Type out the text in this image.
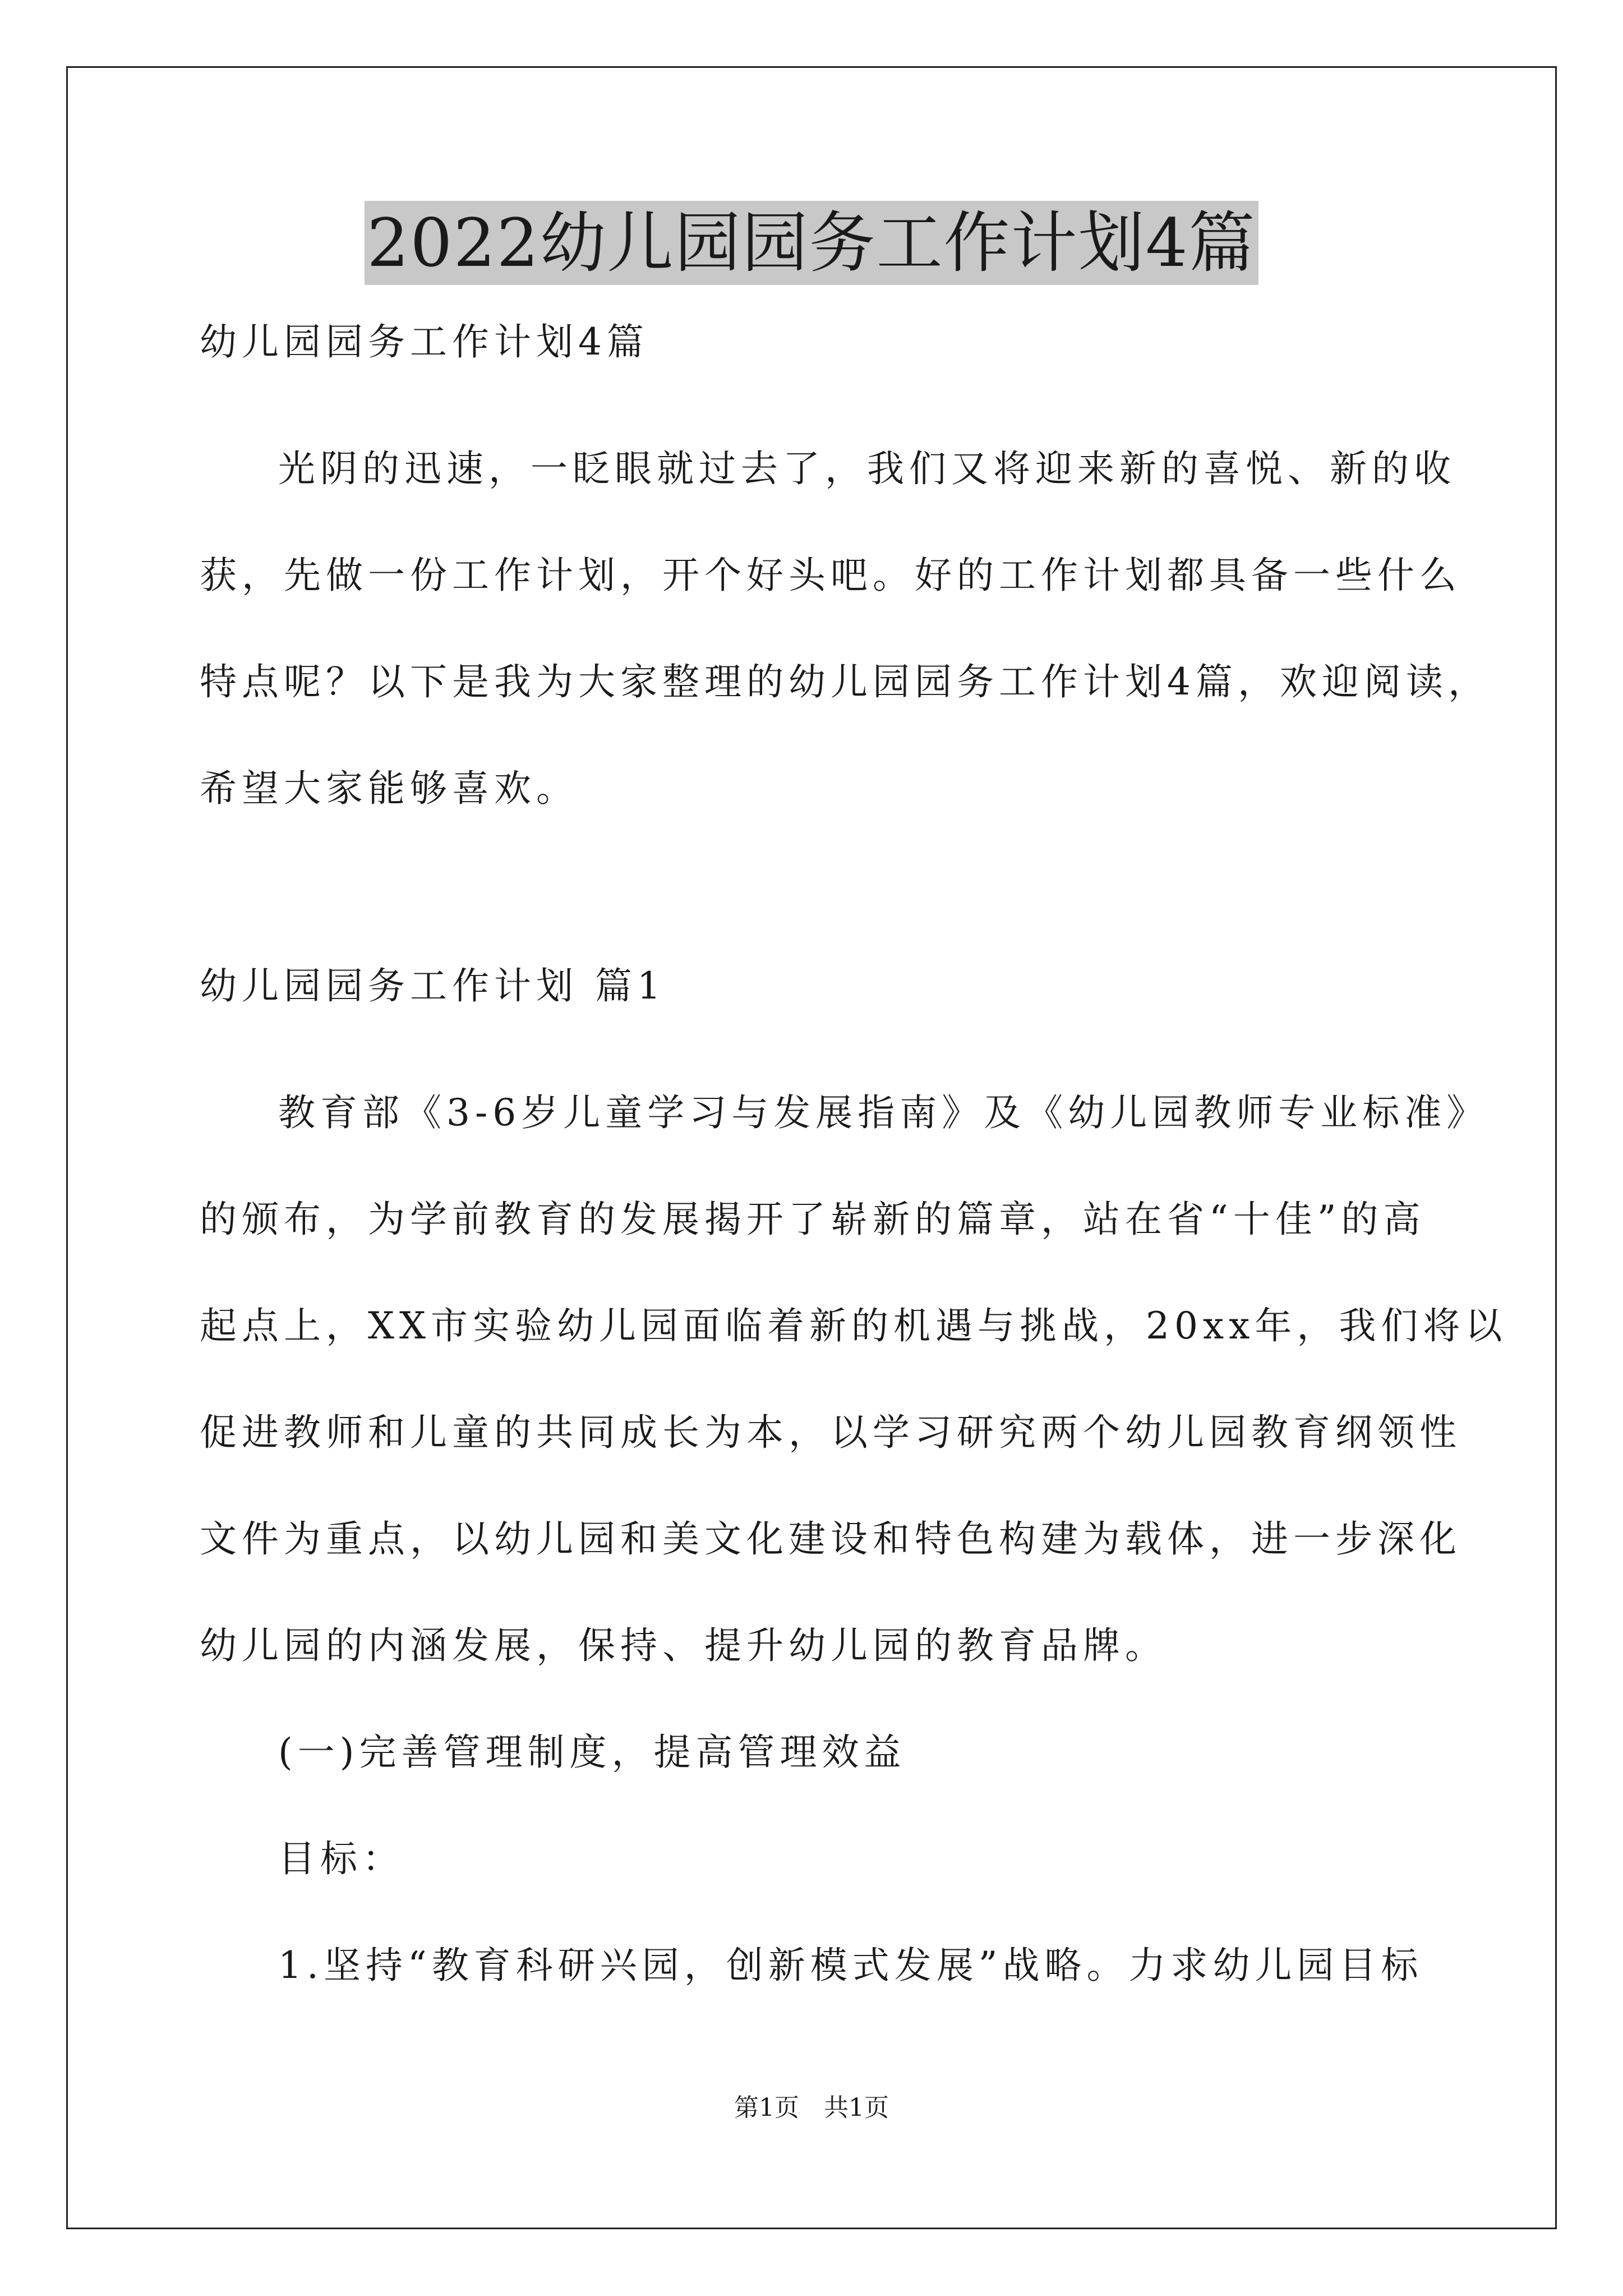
2022幼儿园园务工作计划4篇
幼儿园园务工作计划4篇
光阴的迅速，一眨眼就过去了，我们又将迎来新的喜悦、新的收
获，先做一份工作计划，开个好头吧。好的工作计划都具备一些什么
特点呢？以下是我为大家整理的幼儿园园务工作计划4篇，欢迎阅读，
希望大家能够喜欢。
幼儿园园务工作计划 篇1
教育部《3-6岁儿童学习与发展指南》及《幼儿园教师专业标准》
的颁布，为学前教育的发展揭开了崭新的篇章，站在省“十佳”的高
起点上，XX市实验幼儿园面临着新的机遇与挑战，20xx年，我们将以
促进教师和儿童的共同成长为本，以学习研究两个幼儿园教育纲领性
文件为重点，以幼儿园和美文化建设和特色构建为载体，进一步深化
幼儿园的内涵发展，保持、提升幼儿园的教育品牌。
(一)完善管理制度，提高管理效益
目标：
1.坚持“教育科研兴园，创新模式发展”战略。力求幼儿园目标
第1页　共1页
